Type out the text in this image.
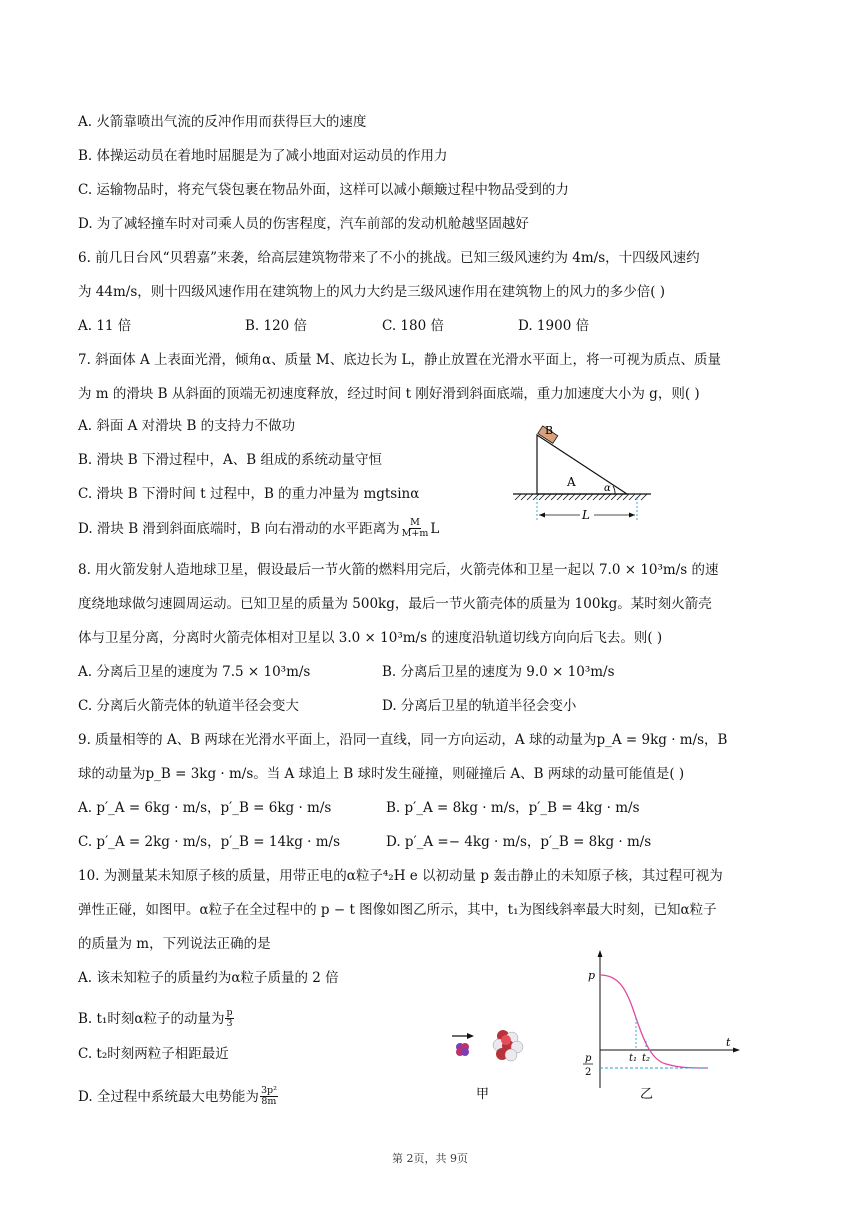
A. 火箭靠喷出气流的反冲作用而获得巨大的速度
B. 体操运动员在着地时屈腿是为了减小地面对运动员的作用力
C. 运输物品时，将充气袋包裹在物品外面，这样可以减小颠簸过程中物品受到的力
D. 为了减轻撞车时对司乘人员的伤害程度，汽车前部的发动机舱越坚固越好
6. 前几日台风“贝碧嘉”来袭，给高层建筑物带来了不小的挑战。已知三级风速约为 4m/s，十四级风速约
为 44m/s，则十四级风速作用在建筑物上的风力大约是三级风速作用在建筑物上的风力的多少倍( )
A. 11 倍	B. 120 倍	C. 180 倍	D. 1900 倍
7. 斜面体 A 上表面光滑，倾角α、质量 M、底边长为 L，静止放置在光滑水平面上，将一可视为质点、质量
为 m 的滑块 B 从斜面的顶端无初速度释放，经过时间 t 刚好滑到斜面底端，重力加速度大小为 g，则( )
A. 斜面 A 对滑块 B 的支持力不做功
B. 滑块 B 下滑过程中，A、B 组成的系统动量守恒
C. 滑块 B 下滑时间 t 过程中，B 的重力冲量为 mgtsinα
D. 滑块 B 滑到斜面底端时，B 向右滑动的水平距离为 $\frac{M}{M+m}$ L
B
A	α
L
8. 用火箭发射人造地球卫星，假设最后一节火箭的燃料用完后，火箭壳体和卫星一起以 7.0 × 10³m/s 的速
度绕地球做匀速圆周运动。已知卫星的质量为 500kg，最后一节火箭壳体的质量为 100kg。某时刻火箭壳
体与卫星分离，分离时火箭壳体相对卫星以 3.0 × 10³m/s 的速度沿轨道切线方向向后飞去。则( )
A. 分离后卫星的速度为 7.5 × 10³m/s	B. 分离后卫星的速度为 9.0 × 10³m/s
C. 分离后火箭壳体的轨道半径会变大	D. 分离后卫星的轨道半径会变小
9. 质量相等的 A、B 两球在光滑水平面上，沿同一直线，同一方向运动，A 球的动量为p_A = 9kg · m/s，B
球的动量为p_B = 3kg · m/s。当 A 球追上 B 球时发生碰撞，则碰撞后 A、B 两球的动量可能值是( )
A. p′_A = 6kg · m/s，p′_B = 6kg · m/s	B. p′_A = 8kg · m/s，p′_B = 4kg · m/s
C. p′_A = 2kg · m/s，p′_B = 14kg · m/s	D. p′_A =− 4kg · m/s，p′_B = 8kg · m/s
10. 为测量某未知原子核的质量，用带正电的α粒子⁴₂H e 以初动量 p 轰击静止的未知原子核，其过程可视为
弹性正碰，如图甲。α粒子在全过程中的 p − t 图像如图乙所示，其中，t₁为图线斜率最大时刻，已知α粒子
的质量为 m，下列说法正确的是
A. 该未知粒子的质量约为α粒子质量的 2 倍
B. t₁时刻α粒子的动量为 $\frac{p}{3}$
C. t₂时刻两粒子相距最近
D. 全过程中系统最大电势能为 $\frac{\text{3p²}}{8m}$	甲
p
t
t₁ t₂
p
2
乙
第 2页，共 9页
